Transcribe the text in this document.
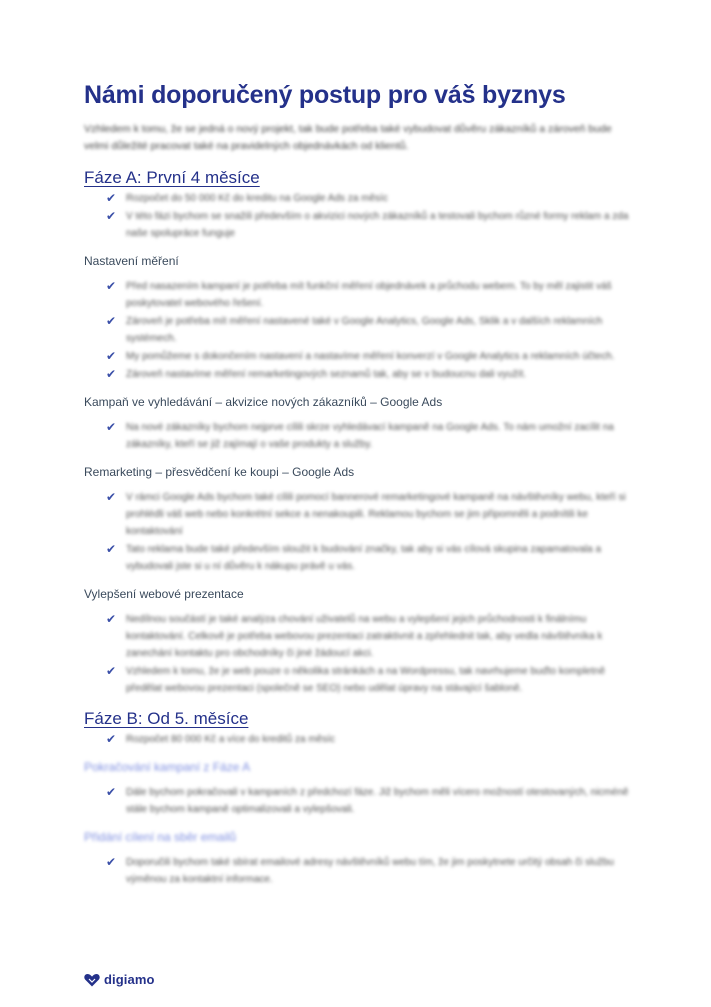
Námi doporučený postup pro váš byznys

Vzhledem k tomu, že se jedná o nový projekt, tak bude potřeba také vybudovat důvěru zákazníků a zároveň bude velmi důležité pracovat také na pravidelných objednávkách od klientů.

Fáze A: První 4 měsíce
✔ Rozpočet do 50 000 Kč do kreditu na Google Ads za měsíc
✔ V této fázi bychom se snažili především o akvizici nových zákazníků a testovali bychom různé formy reklam a zda naše spolupráce funguje
Nastavení měření
✔ Před nasazením kampaní je potřeba mít funkční měření objednávek a průchodu webem. To by měl zajistit váš poskytovatel webového řešení.
✔ Zároveň je potřeba mít měření nastavené také v Google Analytics, Google Ads, Sklik a v dalších reklamních systémech.
✔ My pomůžeme s dokončením nastavení a nastavíme měření konverzí v Google Analytics a reklamních účtech.
✔ Zároveň nastavíme měření remarketingových seznamů tak, aby se v budoucnu dali využít.
Kampaň ve vyhledávání – akvizice nových zákazníků – Google Ads
✔ Na nové zákazníky bychom nejprve cílili skrze vyhledávací kampaně na Google Ads. To nám umožní zacílit na zákazníky, kteří se již zajímají o vaše produkty a služby.
Remarketing – přesvědčení ke koupi – Google Ads
✔ V rámci Google Ads bychom také cílili pomocí bannerové remarketingové kampaně na návštěvníky webu, kteří si prohlédli váš web nebo konkrétní sekce a nenakoupili. Reklamou bychom se jim připomněli a podnítili ke kontaktování
✔ Tato reklama bude také především sloužit k budování značky, tak aby si vás cílová skupina zapamatovala a vybudovali jste si u ní důvěru k nákupu právě u vás.
Vylepšení webové prezentace
✔ Nedílnou součástí je také analýza chování uživatelů na webu a vylepšení jejich průchodnosti k finálnímu kontaktování. Celkově je potřeba webovou prezentaci zatraktivnit a zpřehlednit tak, aby vedla návštěvníka k zanechání kontaktu pro obchodníky či jiné žádoucí akci.
✔ Vzhledem k tomu, že je web pouze o několika stránkách a na Wordpressu, tak navrhujeme buďto kompletně předělat webovou prezentaci (společně se SEO) nebo udělat úpravy na stávající šabloně.
Fáze B: Od 5. měsíce
✔ Rozpočet 80 000 Kč a více do kreditů za měsíc
Pokračování kampaní z Fáze A
✔ Dále bychom pokračovali v kampaních z předchozí fáze. Již bychom měli vícero možností otestovaných, nicméně stále bychom kampaně optimalizovali a vylepšovali.
Přidání cílení na sběr emailů
✔ Doporučili bychom také sbírat emailové adresy návštěvníků webu tím, že jim poskytnete určitý obsah či službu výměnou za kontaktní informace.
digiamo
